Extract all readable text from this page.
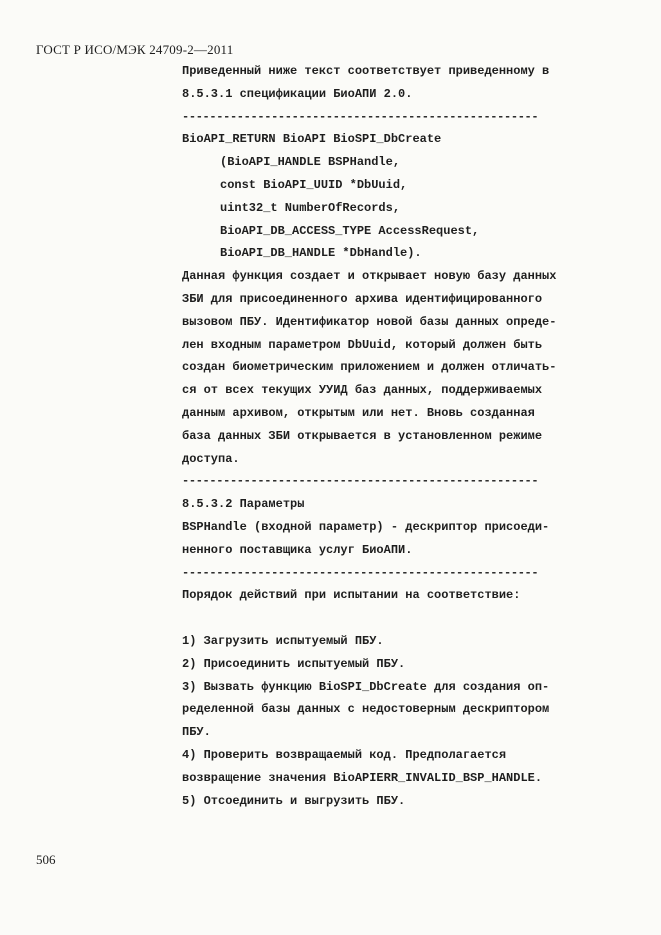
ГОСТ Р ИСО/МЭК 24709-2—2011
Приведенный ниже текст соответствует приведенному в
8.5.3.1 спецификации БиоАПИ 2.0.
----------------------------------------------------
BioAPI_RETURN BioAPI BioSPI_DbCreate
(BioAPI_HANDLE BSPHandle,
const BioAPI_UUID *DbUuid,
uint32_t NumberOfRecords,
BioAPI_DB_ACCESS_TYPE AccessRequest,
BioAPI_DB_HANDLE *DbHandle).
Данная функция создает и открывает новую базу данных
ЗБИ для присоединенного архива идентифицированного
вызовом ПБУ. Идентификатор новой базы данных опреде-
лен входным параметром DbUuid, который должен быть
создан биометрическим приложением и должен отличать-
ся от всех текущих УУИД баз данных, поддерживаемых
данным архивом, открытым или нет. Вновь созданная
база данных ЗБИ открывается в установленном режиме
доступа.
----------------------------------------------------
8.5.3.2 Параметры
BSPHandle (входной параметр) - дескриптор присоеди-
ненного поставщика услуг БиоАПИ.
----------------------------------------------------
Порядок действий при испытании на соответствие:
1) Загрузить испытуемый ПБУ.
2) Присоединить испытуемый ПБУ.
3) Вызвать функцию BioSPI_DbCreate для создания оп-
ределенной базы данных с недостоверным дескриптором
ПБУ.
4) Проверить возвращаемый код. Предполагается
возвращение значения BioAPIERR_INVALID_BSP_HANDLE.
5) Отсоединить и выгрузить ПБУ.
506
